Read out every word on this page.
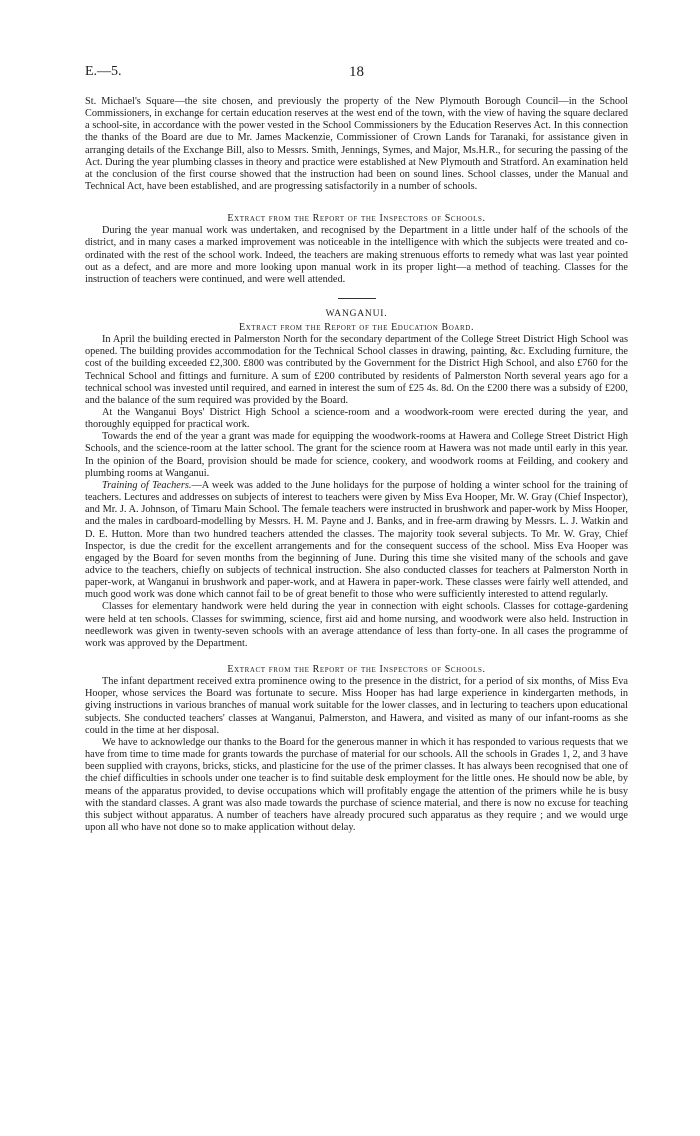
E.—5.	18

St. Michael's Square—the site chosen, and previously the property of the New Plymouth Borough Council—in the School Commissioners, in exchange for certain education reserves at the west end of the town, with the view of having the square declared a school-site, in accordance with the power vested in the School Commissioners by the Education Reserves Act. In this connection the thanks of the Board are due to Mr. James Mackenzie, Commissioner of Crown Lands for Taranaki, for assistance given in arranging details of the Exchange Bill, also to Messrs. Smith, Jennings, Symes, and Major, Ms.H.R., for securing the passing of the Act. During the year plumbing classes in theory and practice were established at New Plymouth and Stratford. An examination held at the conclusion of the first course showed that the instruction had been on sound lines. School classes, under the Manual and Technical Act, have been established, and are progressing satisfactorily in a number of schools.

Extract from the Report of the Inspectors of Schools.

During the year manual work was undertaken, and recognised by the Department in a little under half of the schools of the district, and in many cases a marked improvement was noticeable in the intelligence with which the subjects were treated and co-ordinated with the rest of the school work. Indeed, the teachers are making strenuous efforts to remedy what was last year pointed out as a defect, and are more and more looking upon manual work in its proper light—a method of teaching. Classes for the instruction of teachers were continued, and were well attended.

WANGANUI.
Extract from the Report of the Education Board.

In April the building erected in Palmerston North for the secondary department of the College Street District High School was opened. The building provides accommodation for the Technical School classes in drawing, painting, &c. Excluding furniture, the cost of the building exceeded £2,300. £800 was contributed by the Government for the District High School, and also £760 for the Technical School and fittings and furniture. A sum of £200 contributed by residents of Palmerston North several years ago for a technical school was invested until required, and earned in interest the sum of £25 4s. 8d. On the £200 there was a subsidy of £200, and the balance of the sum required was provided by the Board.

At the Wanganui Boys' District High School a science-room and a woodwork-room were erected during the year, and thoroughly equipped for practical work.

Towards the end of the year a grant was made for equipping the woodwork-rooms at Hawera and College Street District High Schools, and the science-room at the latter school. The grant for the science room at Hawera was not made until early in this year. In the opinion of the Board, provision should be made for science, cookery, and woodwork rooms at Feilding, and cookery and plumbing rooms at Wanganui.

Training of Teachers.—A week was added to the June holidays for the purpose of holding a winter school for the training of teachers. Lectures and addresses on subjects of interest to teachers were given by Miss Eva Hooper, Mr. W. Gray (Chief Inspector), and Mr. J. A. Johnson, of Timaru Main School. The female teachers were instructed in brushwork and paper-work by Miss Hooper, and the males in cardboard-modelling by Messrs. H. M. Payne and J. Banks, and in free-arm drawing by Messrs. L. J. Watkin and D. E. Hutton. More than two hundred teachers attended the classes. The majority took several subjects. To Mr. W. Gray, Chief Inspector, is due the credit for the excellent arrangements and for the consequent success of the school. Miss Eva Hooper was engaged by the Board for seven months from the beginning of June. During this time she visited many of the schools and gave advice to the teachers, chiefly on subjects of technical instruction. She also conducted classes for teachers at Palmerston North in paper-work, at Wanganui in brushwork and paper-work, and at Hawera in paper-work. These classes were fairly well attended, and much good work was done which cannot fail to be of great benefit to those who were sufficiently interested to attend regularly.

Classes for elementary handwork were held during the year in connection with eight schools. Classes for cottage-gardening were held at ten schools. Classes for swimming, science, first aid and home nursing, and woodwork were also held. Instruction in needlework was given in twenty-seven schools with an average attendance of less than forty-one. In all cases the programme of work was approved by the Department.

Extract from the Report of the Inspectors of Schools.

The infant department received extra prominence owing to the presence in the district, for a period of six months, of Miss Eva Hooper, whose services the Board was fortunate to secure. Miss Hooper has had large experience in kindergarten methods, in giving instructions in various branches of manual work suitable for the lower classes, and in lecturing to teachers upon educational subjects. She conducted teachers' classes at Wanganui, Palmerston, and Hawera, and visited as many of our infant-rooms as she could in the time at her disposal.

We have to acknowledge our thanks to the Board for the generous manner in which it has responded to various requests that we have from time to time made for grants towards the purchase of material for our schools. All the schools in Grades 1, 2, and 3 have been supplied with crayons, bricks, sticks, and plasticine for the use of the primer classes. It has always been recognised that one of the chief difficulties in schools under one teacher is to find suitable desk employment for the little ones. He should now be able, by means of the apparatus provided, to devise occupations which will profitably engage the attention of the primers while he is busy with the standard classes. A grant was also made towards the purchase of science material, and there is now no excuse for teaching this subject without apparatus. A number of teachers have already procured such apparatus as they require ; and we would urge upon all who have not done so to make application without delay.
